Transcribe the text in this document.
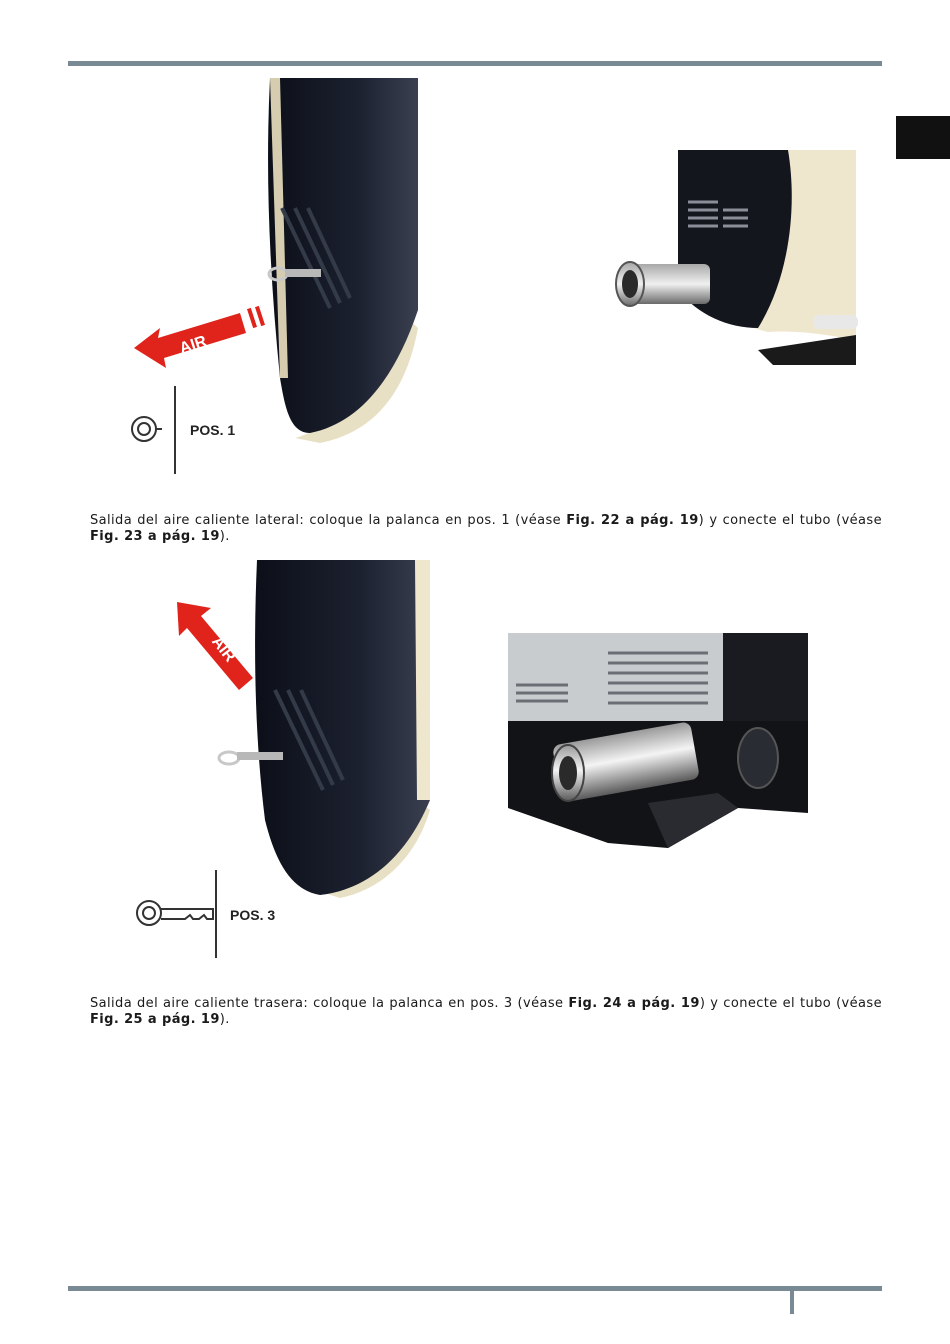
AIR
POS. 1
Salida del aire caliente lateral: coloque la palanca en pos. 1 (véase Fig. 22 a pág. 19) y conecte el tubo (véase Fig. 23 a pág. 19).
AIR
POS. 3
Salida del aire caliente trasera: coloque la palanca en pos. 3 (véase Fig. 24 a pág. 19) y conecte el tubo (véase Fig. 25 a pág. 19).
